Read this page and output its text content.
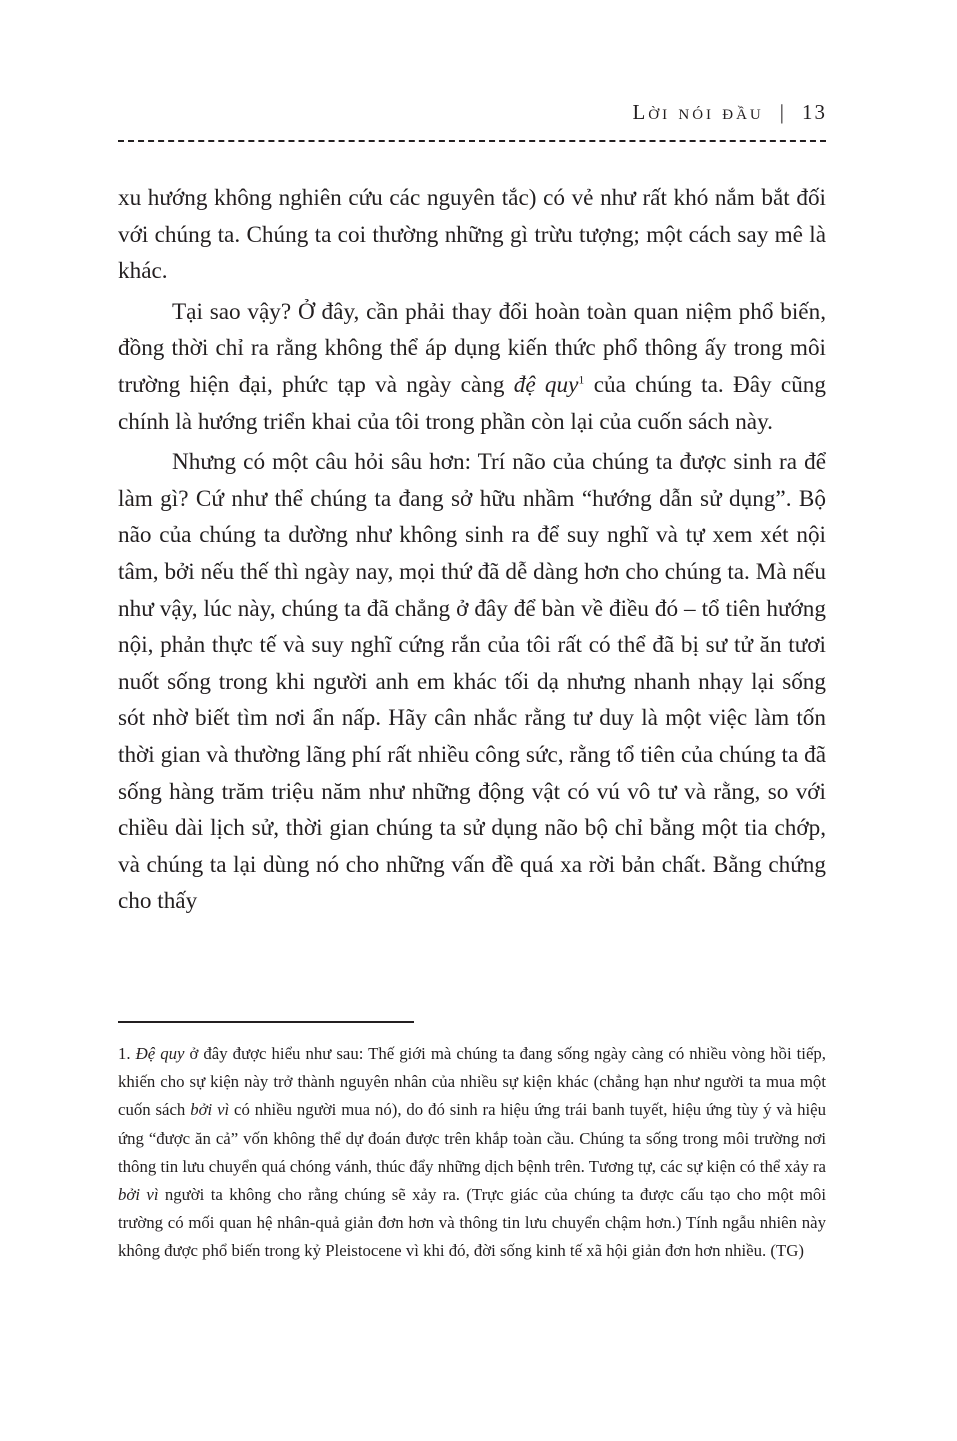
Lời nói đầu | 13

xu hướng không nghiên cứu các nguyên tắc) có vẻ như rất khó nắm bắt đối với chúng ta. Chúng ta coi thường những gì trừu tượng; một cách say mê là khác.

Tại sao vậy? Ở đây, cần phải thay đổi hoàn toàn quan niệm phổ biến, đồng thời chỉ ra rằng không thể áp dụng kiến thức phổ thông ấy trong môi trường hiện đại, phức tạp và ngày càng đệ quy$^1$ của chúng ta. Đây cũng chính là hướng triển khai của tôi trong phần còn lại của cuốn sách này.

Nhưng có một câu hỏi sâu hơn: Trí não của chúng ta được sinh ra để làm gì? Cứ như thể chúng ta đang sở hữu nhầm “hướng dẫn sử dụng”. Bộ não của chúng ta dường như không sinh ra để suy nghĩ và tự xem xét nội tâm, bởi nếu thế thì ngày nay, mọi thứ đã dễ dàng hơn cho chúng ta. Mà nếu như vậy, lúc này, chúng ta đã chẳng ở đây để bàn về điều đó – tổ tiên hướng nội, phản thực tế và suy nghĩ cứng rắn của tôi rất có thể đã bị sư tử ăn tươi nuốt sống trong khi người anh em khác tối dạ nhưng nhanh nhạy lại sống sót nhờ biết tìm nơi ẩn nấp. Hãy cân nhắc rằng tư duy là một việc làm tốn thời gian và thường lãng phí rất nhiều công sức, rằng tổ tiên của chúng ta đã sống hàng trăm triệu năm như những động vật có vú vô tư và rằng, so với chiều dài lịch sử, thời gian chúng ta sử dụng não bộ chỉ bằng một tia chớp, và chúng ta lại dùng nó cho những vấn đề quá xa rời bản chất. Bằng chứng cho thấy

1. Đệ quy ở đây được hiểu như sau: Thế giới mà chúng ta đang sống ngày càng có nhiều vòng hồi tiếp, khiến cho sự kiện này trở thành nguyên nhân của nhiều sự kiện khác (chẳng hạn như người ta mua một cuốn sách bởi vì có nhiều người mua nó), do đó sinh ra hiệu ứng trái banh tuyết, hiệu ứng tùy ý và hiệu ứng “được ăn cả” vốn không thể dự đoán được trên khắp toàn cầu. Chúng ta sống trong môi trường nơi thông tin lưu chuyển quá chóng vánh, thúc đẩy những dịch bệnh trên. Tương tự, các sự kiện có thể xảy ra bởi vì người ta không cho rằng chúng sẽ xảy ra. (Trực giác của chúng ta được cấu tạo cho một môi trường có mối quan hệ nhân-quả giản đơn hơn và thông tin lưu chuyển chậm hơn.) Tính ngẫu nhiên này không được phổ biến trong kỷ Pleistocene vì khi đó, đời sống kinh tế xã hội giản đơn hơn nhiều. (TG)
